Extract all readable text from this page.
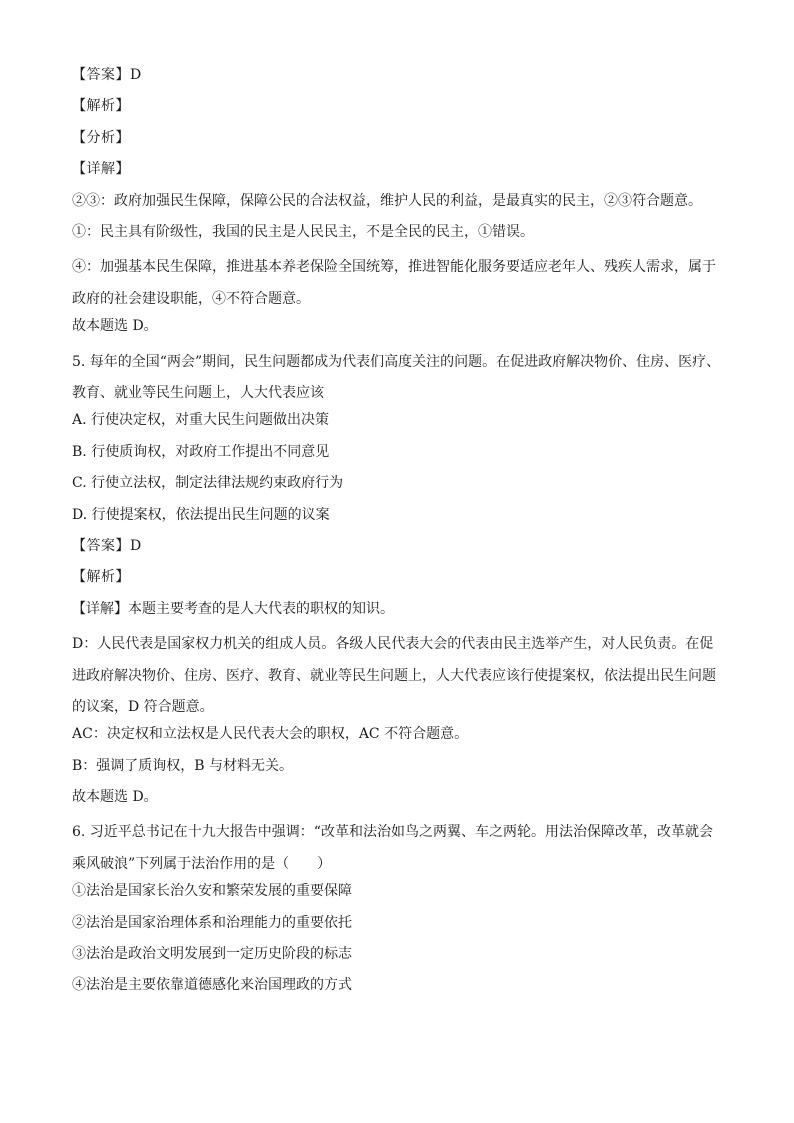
【答案】D
【解析】
【分析】
【详解】
②③：政府加强民生保障，保障公民的合法权益，维护人民的利益，是最真实的民主，②③符合题意。
①：民主具有阶级性，我国的民主是人民民主，不是全民的民主，①错误。
④：加强基本民生保障，推进基本养老保险全国统筹，推进智能化服务要适应老年人、残疾人需求，属于政府的社会建设职能，④不符合题意。
故本题选 D。
5. 每年的全国“两会”期间，民生问题都成为代表们高度关注的问题。在促进政府解决物价、住房、医疗、教育、就业等民生问题上，人大代表应该
A. 行使决定权，对重大民生问题做出决策
B. 行使质询权，对政府工作提出不同意见
C. 行使立法权，制定法律法规约束政府行为
D. 行使提案权，依法提出民生问题的议案
【答案】D
【解析】
【详解】本题主要考查的是人大代表的职权的知识。
D：人民代表是国家权力机关的组成人员。各级人民代表大会的代表由民主选举产生，对人民负责。在促进政府解决物价、住房、医疗、教育、就业等民生问题上，人大代表应该行使提案权，依法提出民生问题的议案，D 符合题意。
AC：决定权和立法权是人民代表大会的职权，AC 不符合题意。
B：强调了质询权，B 与材料无关。
故本题选 D。
6. 习近平总书记在十九大报告中强调：“改革和法治如鸟之两翼、车之两轮。用法治保障改革，改革就会乘风破浪”下列属于法治作用的是（　　）
①法治是国家长治久安和繁荣发展的重要保障
②法治是国家治理体系和治理能力的重要依托
③法治是政治文明发展到一定历史阶段的标志
④法治是主要依靠道德感化来治国理政的方式
